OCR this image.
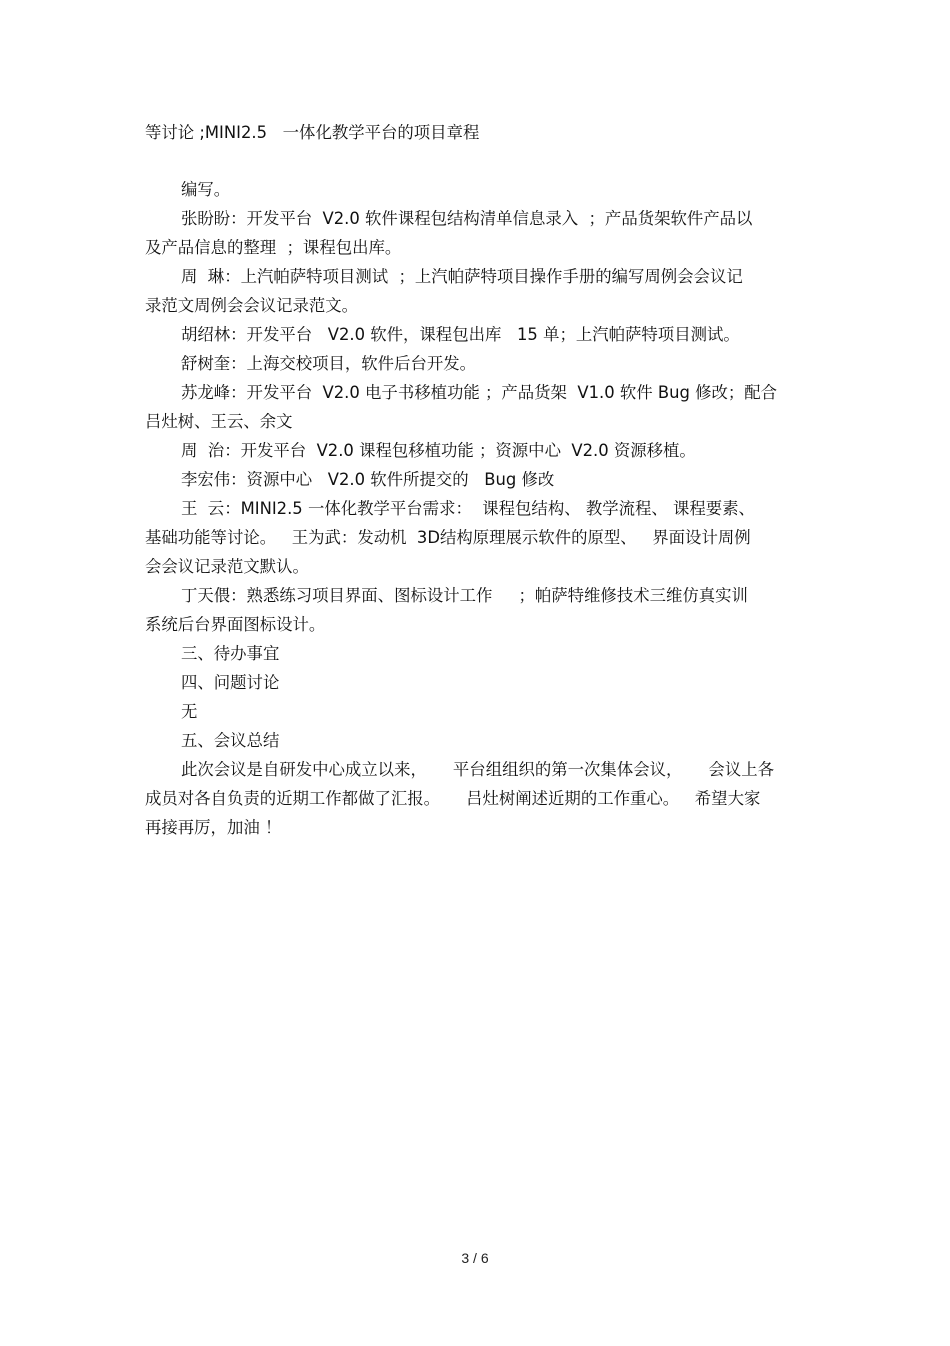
等讨论 ;MINI2.5   一体化教学平台的项目章程
编写。
张盼盼：开发平台  V2.0 软件课程包结构清单信息录入  ；产品货架软件产品以
及产品信息的整理  ；课程包出库。
周  琳：上汽帕萨特项目测试  ；上汽帕萨特项目操作手册的编写周例会会议记
录范文周例会会议记录范文。
胡绍林：开发平台   V2.0 软件，课程包出库   15 单；上汽帕萨特项目测试。
舒树奎：上海交校项目，软件后台开发。
苏龙峰：开发平台  V2.0 电子书移植功能 ；产品货架  V1.0 软件 Bug 修改；配合
吕灶树、王云、余文
周  治：开发平台  V2.0 课程包移植功能 ；资源中心  V2.0 资源移植。
李宏伟：资源中心   V2.0 软件所提交的   Bug 修改
王  云：MINI2.5 一体化教学平台需求：  课程包结构、 教学流程、 课程要素、
基础功能等讨论。   王为武：发动机  3D结构原理展示软件的原型、   界面设计周例
会会议记录范文默认。
丁天偎：熟悉练习项目界面、图标设计工作     ；帕萨特维修技术三维仿真实训
系统后台界面图标设计。
三、待办事宜
四、问题讨论
无
五、会议总结
此次会议是自研发中心成立以来，     平台组组织的第一次集体会议，     会议上各
成员对各自负责的近期工作都做了汇报。     吕灶树阐述近期的工作重心。   希望大家
再接再厉，加油 ！
3 / 6
